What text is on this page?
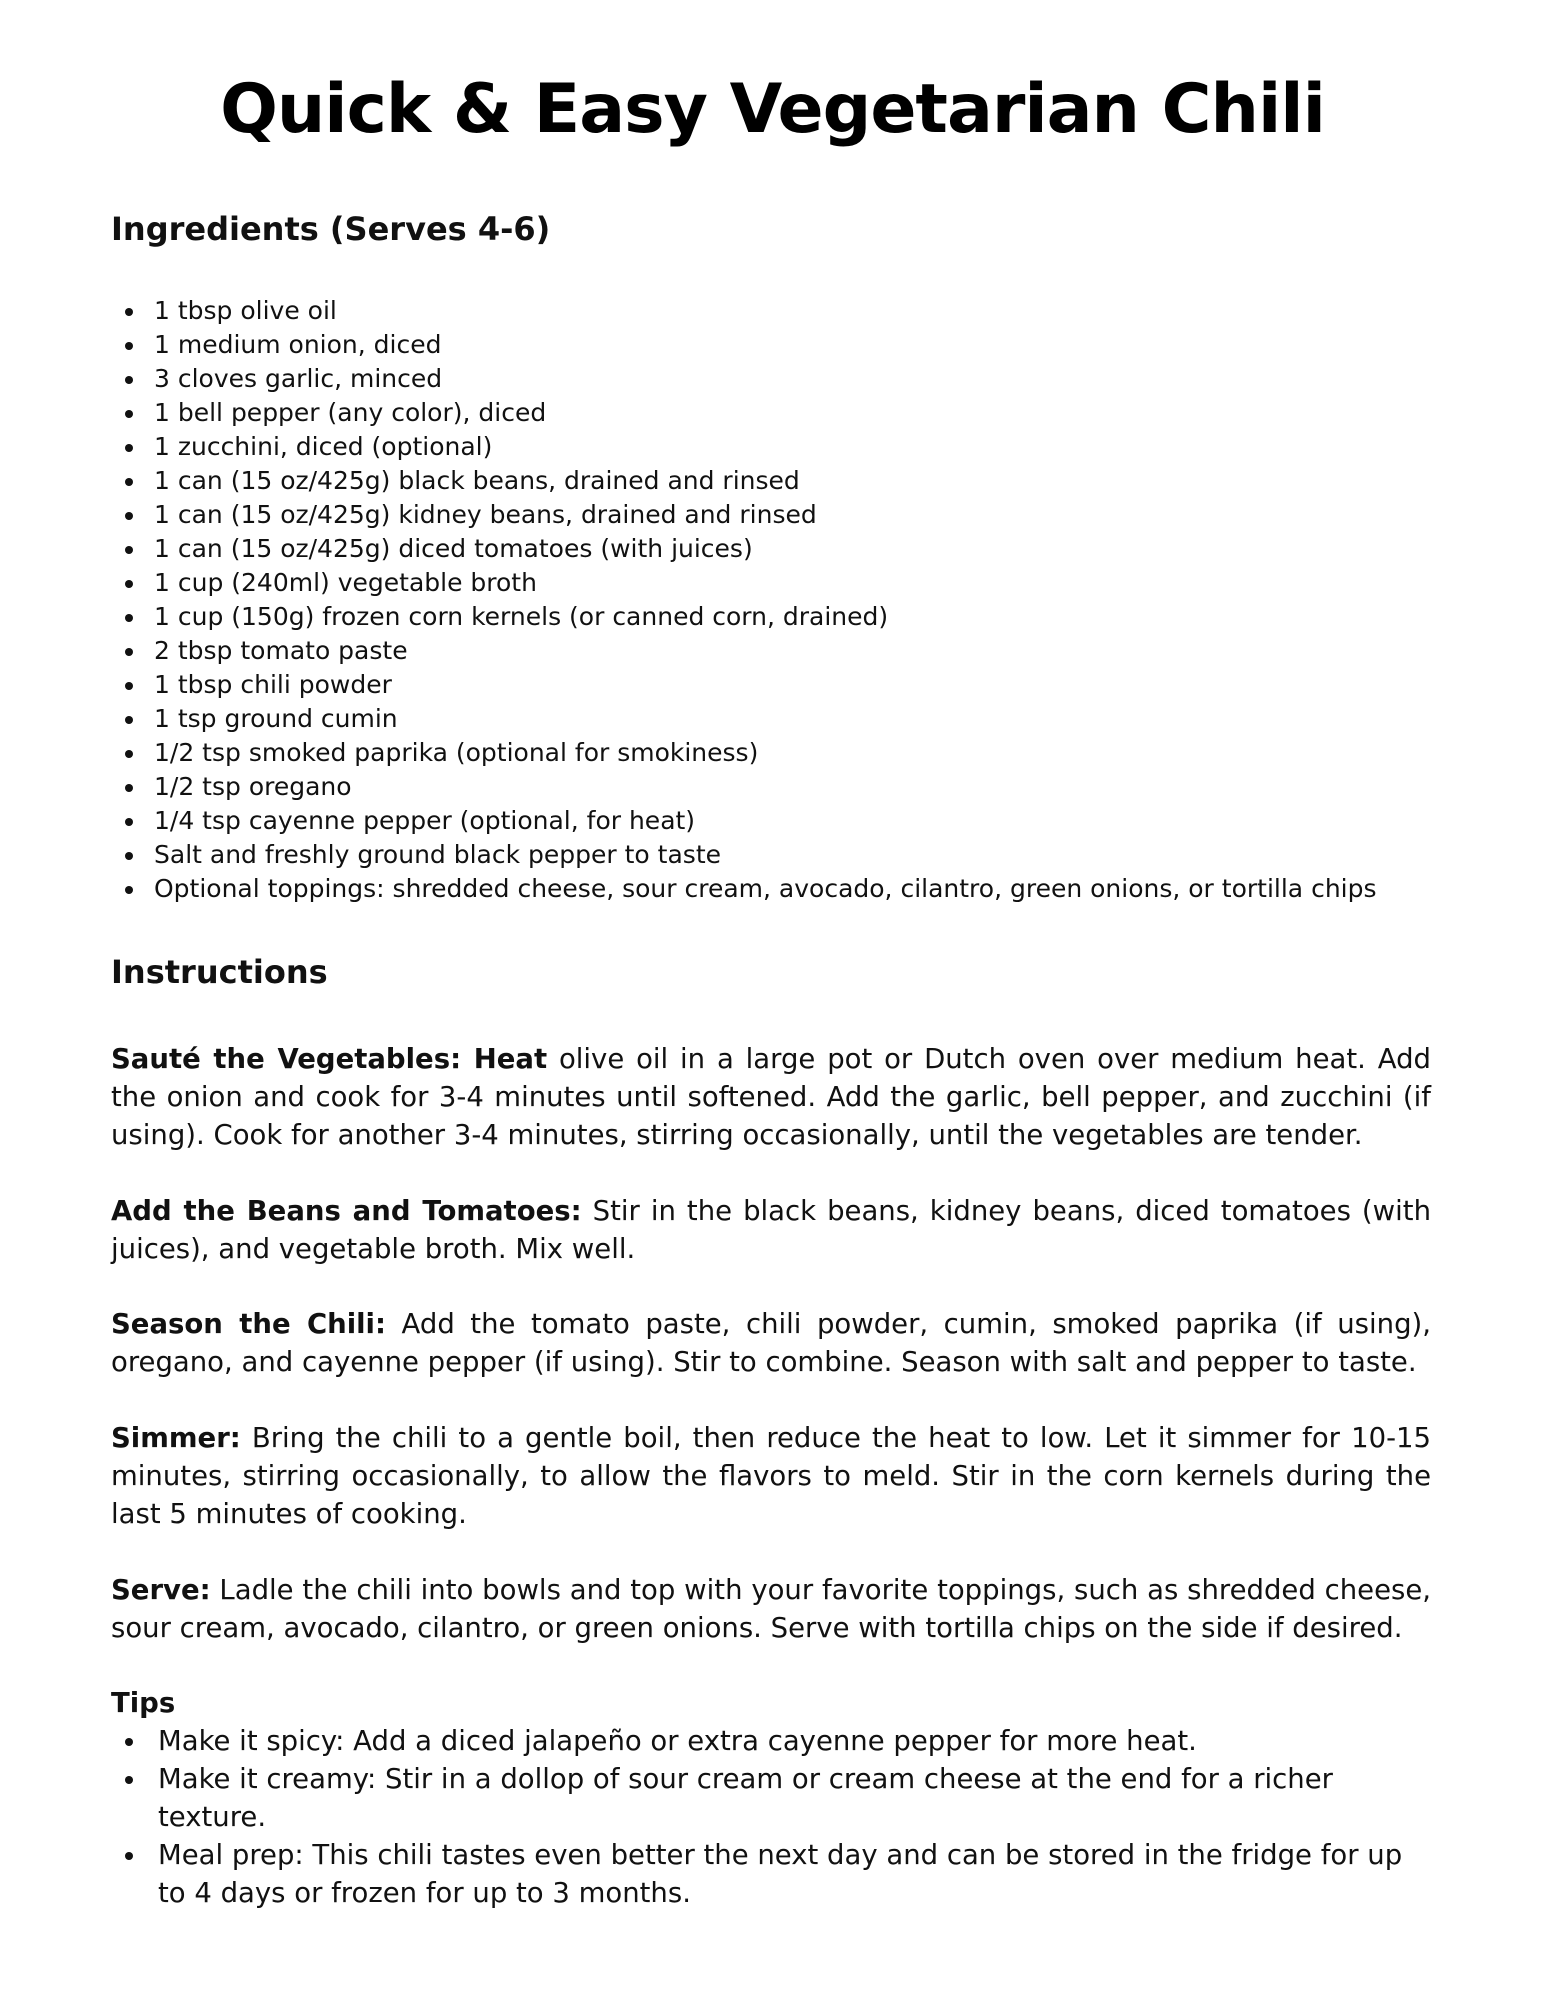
Quick & Easy Vegetarian Chili
Ingredients (Serves 4-6)
1 tbsp olive oil
1 medium onion, diced
3 cloves garlic, minced
1 bell pepper (any color), diced
1 zucchini, diced (optional)
1 can (15 oz/425g) black beans, drained and rinsed
1 can (15 oz/425g) kidney beans, drained and rinsed
1 can (15 oz/425g) diced tomatoes (with juices)
1 cup (240ml) vegetable broth
1 cup (150g) frozen corn kernels (or canned corn, drained)
2 tbsp tomato paste
1 tbsp chili powder
1 tsp ground cumin
1/2 tsp smoked paprika (optional for smokiness)
1/2 tsp oregano
1/4 tsp cayenne pepper (optional, for heat)
Salt and freshly ground black pepper to taste
Optional toppings: shredded cheese, sour cream, avocado, cilantro, green onions, or tortilla chips
Instructions

Sauté the Vegetables: Heat olive oil in a large pot or Dutch oven over medium heat. Add the onion and cook for 3-4 minutes until softened. Add the garlic, bell pepper, and zucchini (if using). Cook for another 3-4 minutes, stirring occasionally, until the vegetables are tender.

Add the Beans and Tomatoes: Stir in the black beans, kidney beans, diced tomatoes (with juices), and vegetable broth. Mix well.

Season the Chili: Add the tomato paste, chili powder, cumin, smoked paprika (if using), oregano, and cayenne pepper (if using). Stir to combine. Season with salt and pepper to taste.

Simmer: Bring the chili to a gentle boil, then reduce the heat to low. Let it simmer for 10-15 minutes, stirring occasionally, to allow the flavors to meld. Stir in the corn kernels during the last 5 minutes of cooking.

Serve: Ladle the chili into bowls and top with your favorite toppings, such as shredded cheese, sour cream, avocado, cilantro, or green onions. Serve with tortilla chips on the side if desired.

Tips
Make it spicy: Add a diced jalapeño or extra cayenne pepper for more heat.
Make it creamy: Stir in a dollop of sour cream or cream cheese at the end for a richer texture.
Meal prep: This chili tastes even better the next day and can be stored in the fridge for up to 4 days or frozen for up to 3 months.
